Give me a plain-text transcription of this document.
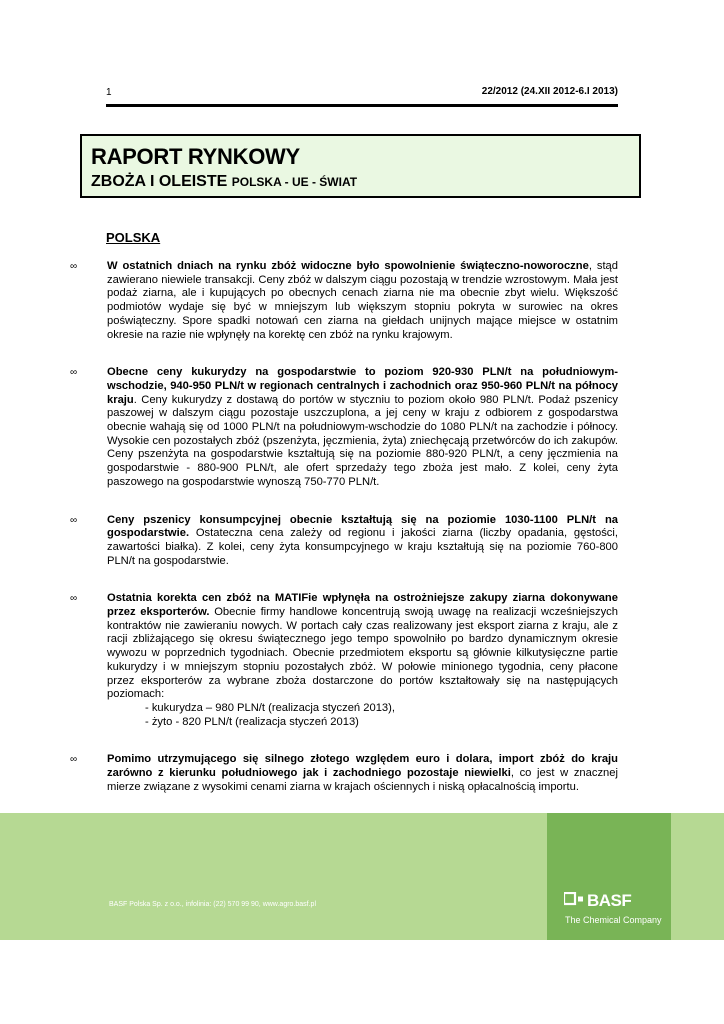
1	22/2012 (24.XII 2012-6.I 2013)
RAPORT RYNKOWY
ZBOŻA I OLEISTE POLSKA - UE - ŚWIAT
POLSKA
∞	W ostatnich dniach na rynku zbóż widoczne było spowolnienie świąteczno-noworoczne, stąd zawierano niewiele transakcji. Ceny zbóż w dalszym ciągu pozostają w trendzie wzrostowym. Mała jest podaż ziarna, ale i kupujących po obecnych cenach ziarna nie ma obecnie zbyt wielu. Większość podmiotów wydaje się być w mniejszym lub większym stopniu pokryta w surowiec na okres poświąteczny. Spore spadki notowań cen ziarna na giełdach unijnych mające miejsce w ostatnim okresie na razie nie wpłynęły na korektę cen zbóż na rynku krajowym.
∞	Obecne ceny kukurydzy na gospodarstwie to poziom 920-930 PLN/t na południowym-wschodzie, 940-950 PLN/t w regionach centralnych i zachodnich oraz 950-960 PLN/t na północy kraju. Ceny kukurydzy z dostawą do portów w styczniu to poziom około 980 PLN/t. Podaż pszenicy paszowej w dalszym ciągu pozostaje uszczuplona, a jej ceny w kraju z odbiorem z gospodarstwa obecnie wahają się od 1000 PLN/t na południowym-wschodzie do 1080 PLN/t na zachodzie i północy. Wysokie cen pozostałych zbóż (pszenżyta, jęczmienia, żyta) zniechęcają przetwórców do ich zakupów. Ceny pszenżyta na gospodarstwie kształtują się na poziomie 880-920 PLN/t, a ceny jęczmienia na gospodarstwie - 880-900 PLN/t, ale ofert sprzedaży tego zboża jest mało. Z kolei, ceny żyta paszowego na gospodarstwie wynoszą 750-770 PLN/t.
∞	Ceny pszenicy konsumpcyjnej obecnie kształtują się na poziomie 1030-1100 PLN/t na gospodarstwie. Ostateczna cena zależy od regionu i jakości ziarna (liczby opadania, gęstości, zawartości białka). Z kolei, ceny żyta konsumpcyjnego w kraju kształtują się na poziomie 760-800 PLN/t na gospodarstwie.
∞	Ostatnia korekta cen zbóż na MATIFie wpłynęła na ostrożniejsze zakupy ziarna dokonywane przez eksporterów. Obecnie firmy handlowe koncentrują swoją uwagę na realizacji wcześniejszych kontraktów nie zawieraniu nowych. W portach cały czas realizowany jest eksport ziarna z kraju, ale z racji zbliżającego się okresu świątecznego jego tempo spowolniło po bardzo dynamicznym okresie wywozu w poprzednich tygodniach. Obecnie przedmiotem eksportu są głównie kilkutysięczne partie kukurydzy i w mniejszym stopniu pozostałych zbóż. W połowie minionego tygodnia, ceny płacone przez eksporterów za wybrane zboża dostarczone do portów kształtowały się na następujących poziomach:
- kukurydza – 980 PLN/t (realizacja styczeń 2013),
- żyto - 820 PLN/t (realizacja styczeń 2013)
∞	Pomimo utrzymującego się silnego złotego względem euro i dolara, import zbóż do kraju zarówno z kierunku południowego jak i zachodniego pozostaje niewielki, co jest w znacznej mierze związane z wysokimi cenami ziarna w krajach ościennych i niską opłacalnością importu.
BASF Polska Sp. z o.o., infolinia: (22) 570 99 90, www.agro.basf.pl	BASF
The Chemical Company
